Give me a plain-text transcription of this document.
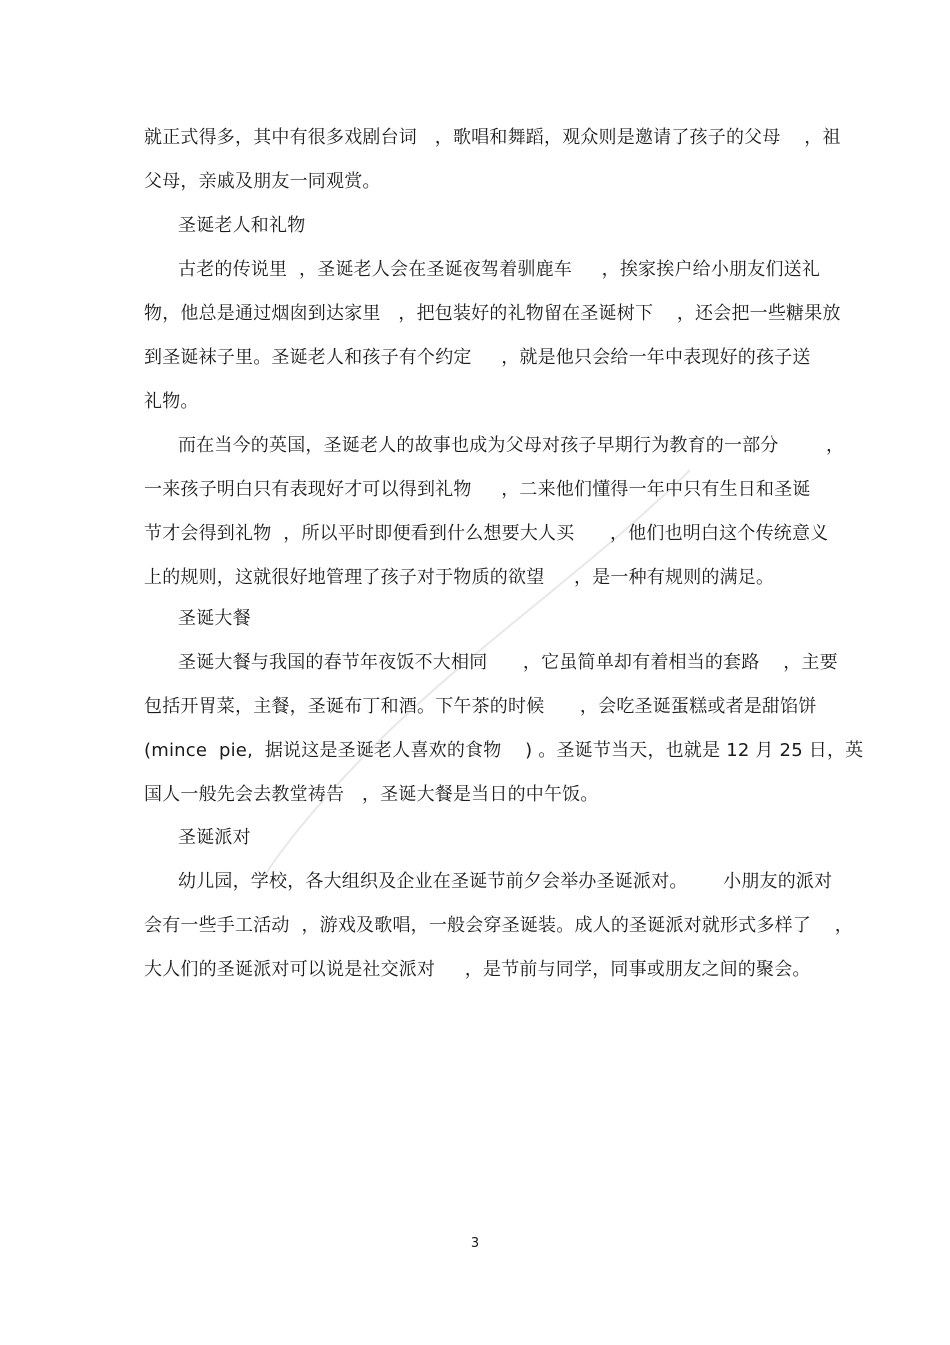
就正式得多，其中有很多戏剧台词   ，歌唱和舞蹈，观众则是邀请了孩子的父母    ，祖
父母，亲戚及朋友一同观赏。
圣诞老人和礼物
古老的传说里  ，圣诞老人会在圣诞夜驾着驯鹿车     ，挨家挨户给小朋友们送礼
物，他总是通过烟囱到达家里   ，把包装好的礼物留在圣诞树下    ，还会把一些糖果放
到圣诞袜子里。圣诞老人和孩子有个约定     ，就是他只会给一年中表现好的孩子送
礼物。
而在当今的英国，圣诞老人的故事也成为父母对孩子早期行为教育的一部分        ，
一来孩子明白只有表现好才可以得到礼物     ，二来他们懂得一年中只有生日和圣诞
节才会得到礼物  ，所以平时即便看到什么想要大人买      ，他们也明白这个传统意义
上的规则，这就很好地管理了孩子对于物质的欲望     ，是一种有规则的满足。
圣诞大餐
圣诞大餐与我国的春节年夜饭不大相同      ，它虽简单却有着相当的套路    ，主要
包括开胃菜，主餐，圣诞布丁和酒。下午茶的时候      ，会吃圣诞蛋糕或者是甜馅饼
(mince  pie,  据说这是圣诞老人喜欢的食物    ) 。圣诞节当天，也就是 12 月 25 日，英
国人一般先会去教堂祷告   ，圣诞大餐是当日的中午饭。
圣诞派对
幼儿园，学校，各大组织及企业在圣诞节前夕会举办圣诞派对。      小朋友的派对
会有一些手工活动  ，游戏及歌唱，一般会穿圣诞装。成人的圣诞派对就形式多样了    ，
大人们的圣诞派对可以说是社交派对     ，是节前与同学，同事或朋友之间的聚会。
3
